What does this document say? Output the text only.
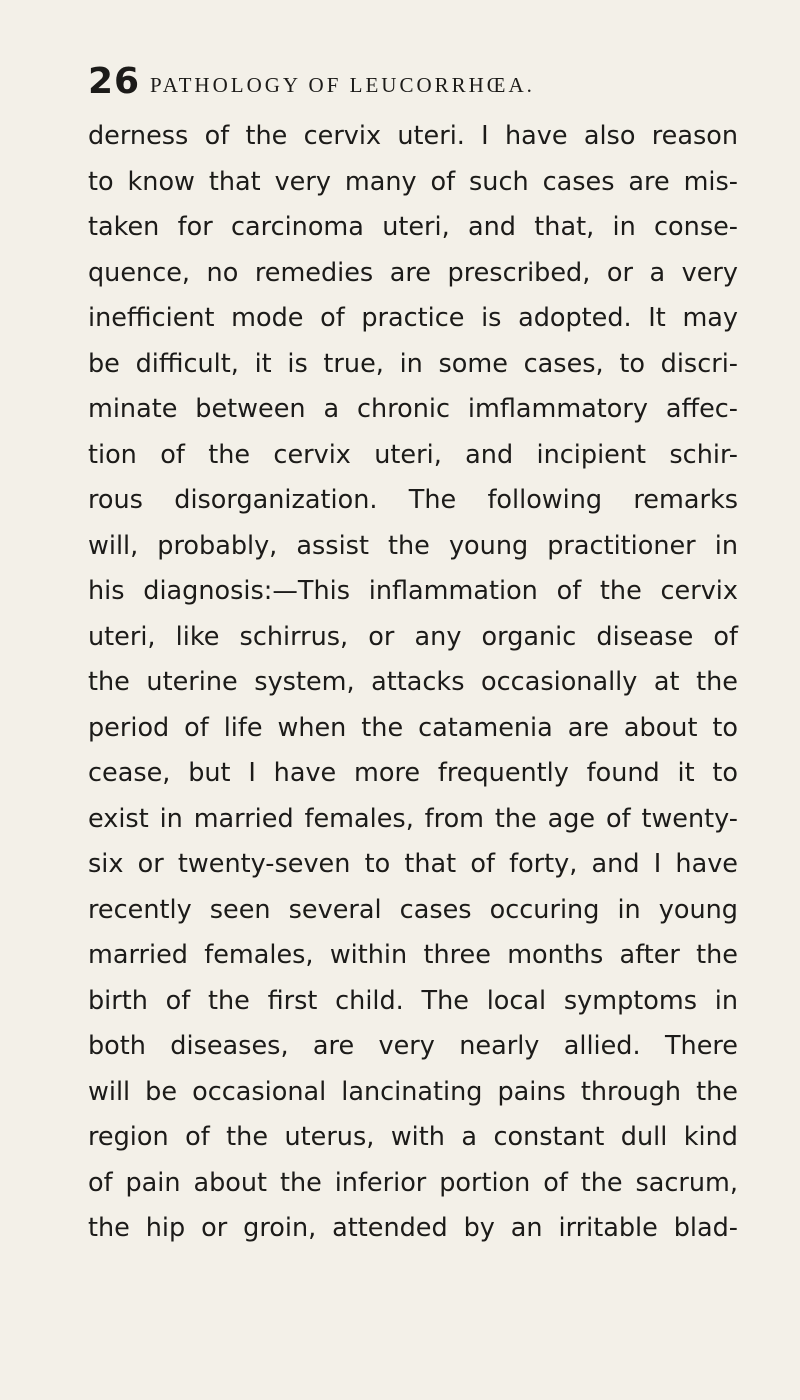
26 PATHOLOGY OF LEUCORRHŒA.
derness of the cervix uteri. I have also reason
to know that very many of such cases are mis-
taken for carcinoma uteri, and that, in conse-
quence, no remedies are prescribed, or a very
inefficient mode of practice is adopted. It may
be difficult, it is true, in some cases, to discri-
minate between a chronic imflammatory affec-
tion of the cervix uteri, and incipient schir-
rous disorganization. The following remarks
will, probably, assist the young practitioner in
his diagnosis:—This inflammation of the cervix
uteri, like schirrus, or any organic disease of
the uterine system, attacks occasionally at the
period of life when the catamenia are about to
cease, but I have more frequently found it to
exist in married females, from the age of twenty-
six or twenty-seven to that of forty, and I have
recently seen several cases occuring in young
married females, within three months after the
birth of the first child. The local symptoms in
both diseases, are very nearly allied. There
will be occasional lancinating pains through the
region of the uterus, with a constant dull kind
of pain about the inferior portion of the sacrum,
the hip or groin, attended by an irritable blad-
